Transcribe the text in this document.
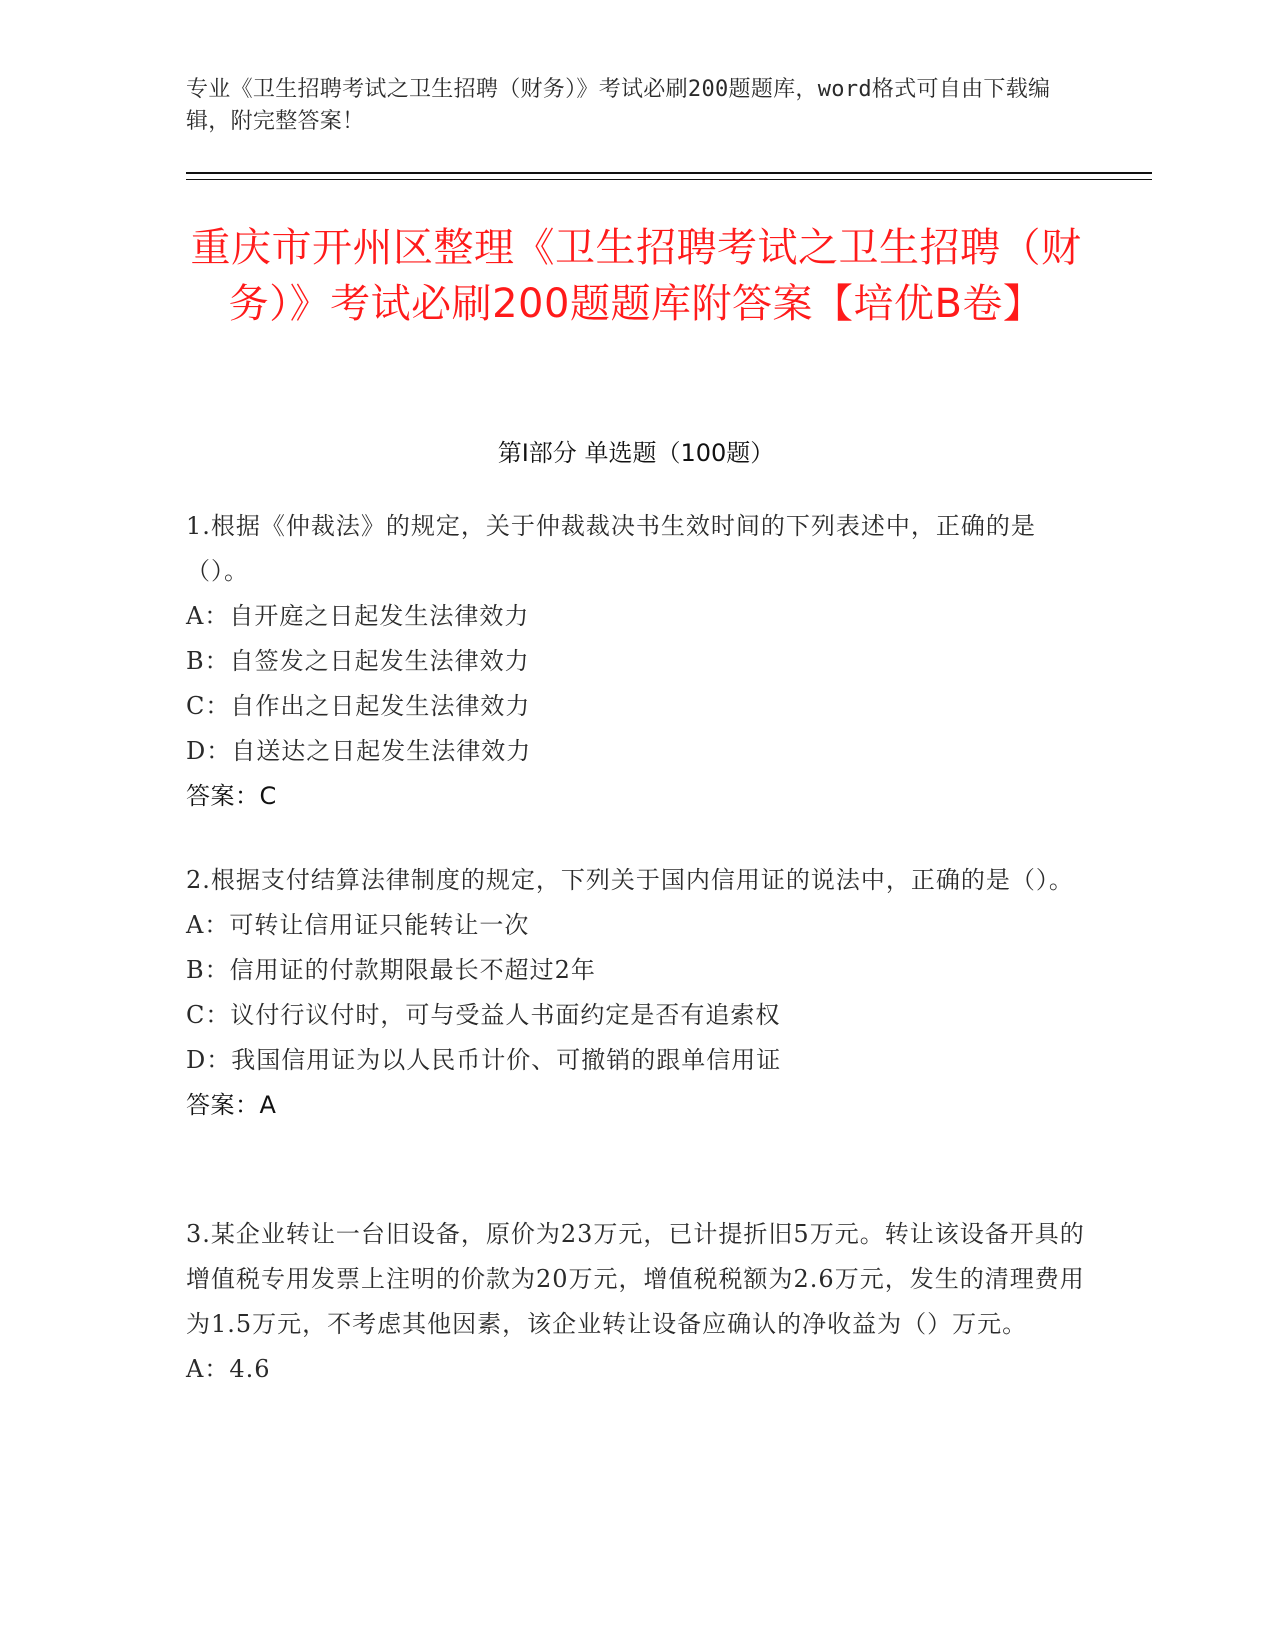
专业《卫生招聘考试之卫生招聘（财务）》考试必刷200题题库，word格式可自由下载编辑，附完整答案！
重庆市开州区整理《卫生招聘考试之卫生招聘（财务）》考试必刷200题题库附答案【培优B卷】
第Ⅰ部分 单选题（100题）

1.根据《仲裁法》的规定，关于仲裁裁决书生效时间的下列表述中，正确的是（）。

A：自开庭之日起发生法律效力

B：自签发之日起发生法律效力

C：自作出之日起发生法律效力

D：自送达之日起发生法律效力

答案：C

2.根据支付结算法律制度的规定，下列关于国内信用证的说法中，正确的是（）。

A：可转让信用证只能转让一次

B：信用证的付款期限最长不超过2年

C：议付行议付时，可与受益人书面约定是否有追索权

D：我国信用证为以人民币计价、可撤销的跟单信用证

答案：A

3.某企业转让一台旧设备，原价为23万元，已计提折旧5万元。转让该设备开具的增值税专用发票上注明的价款为20万元，增值税税额为2.6万元，发生的清理费用为1.5万元，不考虑其他因素，该企业转让设备应确认的净收益为（）万元。

A：4.6
